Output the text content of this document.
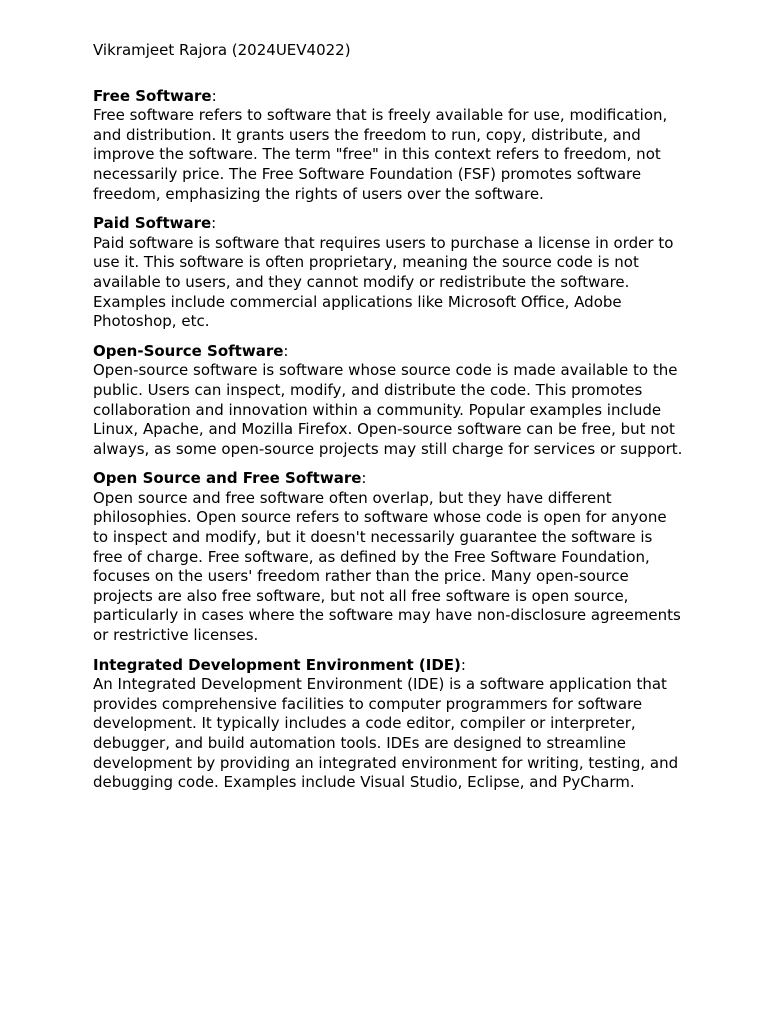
Vikramjeet Rajora (2024UEV4022)

Free Software:

Free software refers to software that is freely available for use, modification, and distribution. It grants users the freedom to run, copy, distribute, and improve the software. The term "free" in this context refers to freedom, not necessarily price. The Free Software Foundation (FSF) promotes software freedom, emphasizing the rights of users over the software.

Paid Software:

Paid software is software that requires users to purchase a license in order to use it. This software is often proprietary, meaning the source code is not available to users, and they cannot modify or redistribute the software. Examples include commercial applications like Microsoft Office, Adobe Photoshop, etc.

Open-Source Software:

Open-source software is software whose source code is made available to the public. Users can inspect, modify, and distribute the code. This promotes collaboration and innovation within a community. Popular examples include Linux, Apache, and Mozilla Firefox. Open-source software can be free, but not always, as some open-source projects may still charge for services or support.

Open Source and Free Software:

Open source and free software often overlap, but they have different philosophies. Open source refers to software whose code is open for anyone to inspect and modify, but it doesn't necessarily guarantee the software is free of charge. Free software, as defined by the Free Software Foundation, focuses on the users' freedom rather than the price. Many open-source projects are also free software, but not all free software is open source, particularly in cases where the software may have non-disclosure agreements or restrictive licenses.

Integrated Development Environment (IDE):

An Integrated Development Environment (IDE) is a software application that provides comprehensive facilities to computer programmers for software development. It typically includes a code editor, compiler or interpreter, debugger, and build automation tools. IDEs are designed to streamline development by providing an integrated environment for writing, testing, and debugging code. Examples include Visual Studio, Eclipse, and PyCharm.
